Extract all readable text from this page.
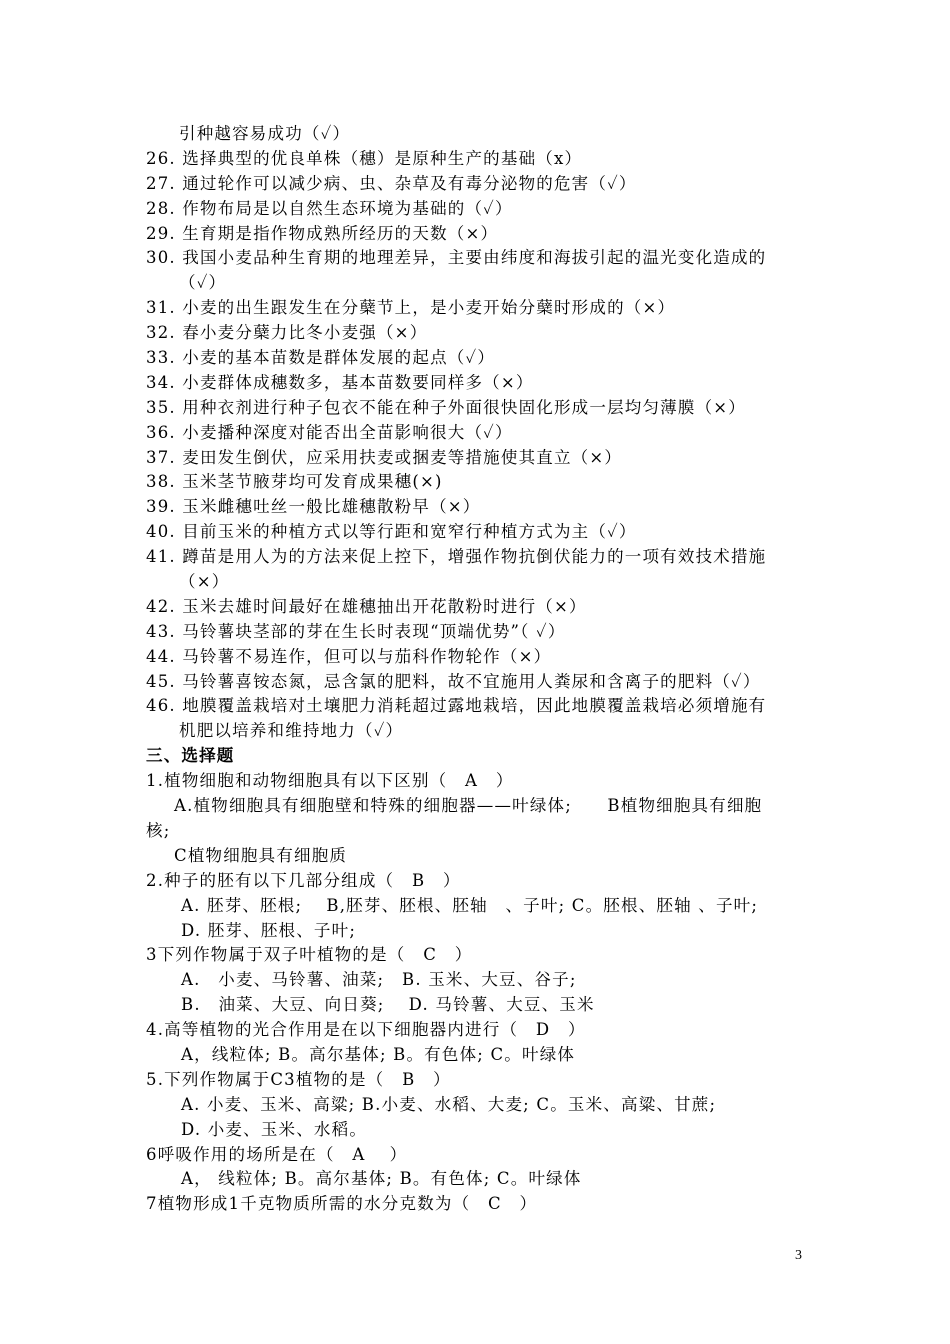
引种越容易成功（✓）
26. 选择典型的优良单株（穗）是原种生产的基础（x）
27. 通过轮作可以减少病、虫、杂草及有毒分泌物的危害（✓）
28. 作物布局是以自然生态环境为基础的（✓）
29. 生育期是指作物成熟所经历的天数（×）
30. 我国小麦品种生育期的地理差异，主要由纬度和海拔引起的温光变化造成的
（✓）
31. 小麦的出生跟发生在分蘖节上，是小麦开始分蘖时形成的（×）
32. 春小麦分蘖力比冬小麦强（×）
33. 小麦的基本苗数是群体发展的起点（✓）
34. 小麦群体成穗数多，基本苗数要同样多（×）
35. 用种衣剂进行种子包衣不能在种子外面很快固化形成一层均匀薄膜（×）
36. 小麦播种深度对能否出全苗影响很大（✓）
37. 麦田发生倒伏，应采用扶麦或捆麦等措施使其直立（×）
38. 玉米茎节腋芽均可发育成果穗(×)
39. 玉米雌穗吐丝一般比雄穗散粉早（×）
40. 目前玉米的种植方式以等行距和宽窄行种植方式为主（✓）
41. 蹲苗是用人为的方法来促上控下，增强作物抗倒伏能力的一项有效技术措施
（×）
42. 玉米去雄时间最好在雄穗抽出开花散粉时进行（×）
43. 马铃薯块茎部的芽在生长时表现“顶端优势”（ ✓）
44. 马铃薯不易连作，但可以与茄科作物轮作（×）
45. 马铃薯喜铵态氮，忌含氯的肥料，故不宜施用人粪尿和含离子的肥料（✓）
46. 地膜覆盖栽培对土壤肥力消耗超过露地栽培，因此地膜覆盖栽培必须增施有
机肥以培养和维持地力（✓）
三、选择题
1.植物细胞和动物细胞具有以下区别（　A　）
A.植物细胞具有细胞壁和特殊的细胞器——叶绿体;　　B植物细胞具有细胞
核;
C植物细胞具有细胞质
2.种子的胚有以下几部分组成（　B　）
A. 胚芽、胚根;　 B,胚芽、胚根、胚轴　、子叶; C。胚根、胚轴 、子叶;
D. 胚芽、胚根、子叶;
3下列作物属于双子叶植物的是（　C　）
A.　小麦、马铃薯、油菜;　B. 玉米、大豆、谷子;
B.　油菜、大豆、向日葵;　 D. 马铃薯、大豆、玉米
4.高等植物的光合作用是在以下细胞器内进行（　D　）
A，线粒体; B。高尔基体; B。有色体; C。叶绿体
5.下列作物属于C3植物的是（　B　）
A. 小麦、玉米、高粱; B.小麦、水稻、大麦; C。玉米、高粱、甘蔗;
D. 小麦、玉米、水稻。
6呼吸作用的场所是在（　A　 ）
A， 线粒体; B。高尔基体; B。有色体; C。叶绿体
7植物形成1千克物质所需的水分克数为（　C　）
3
